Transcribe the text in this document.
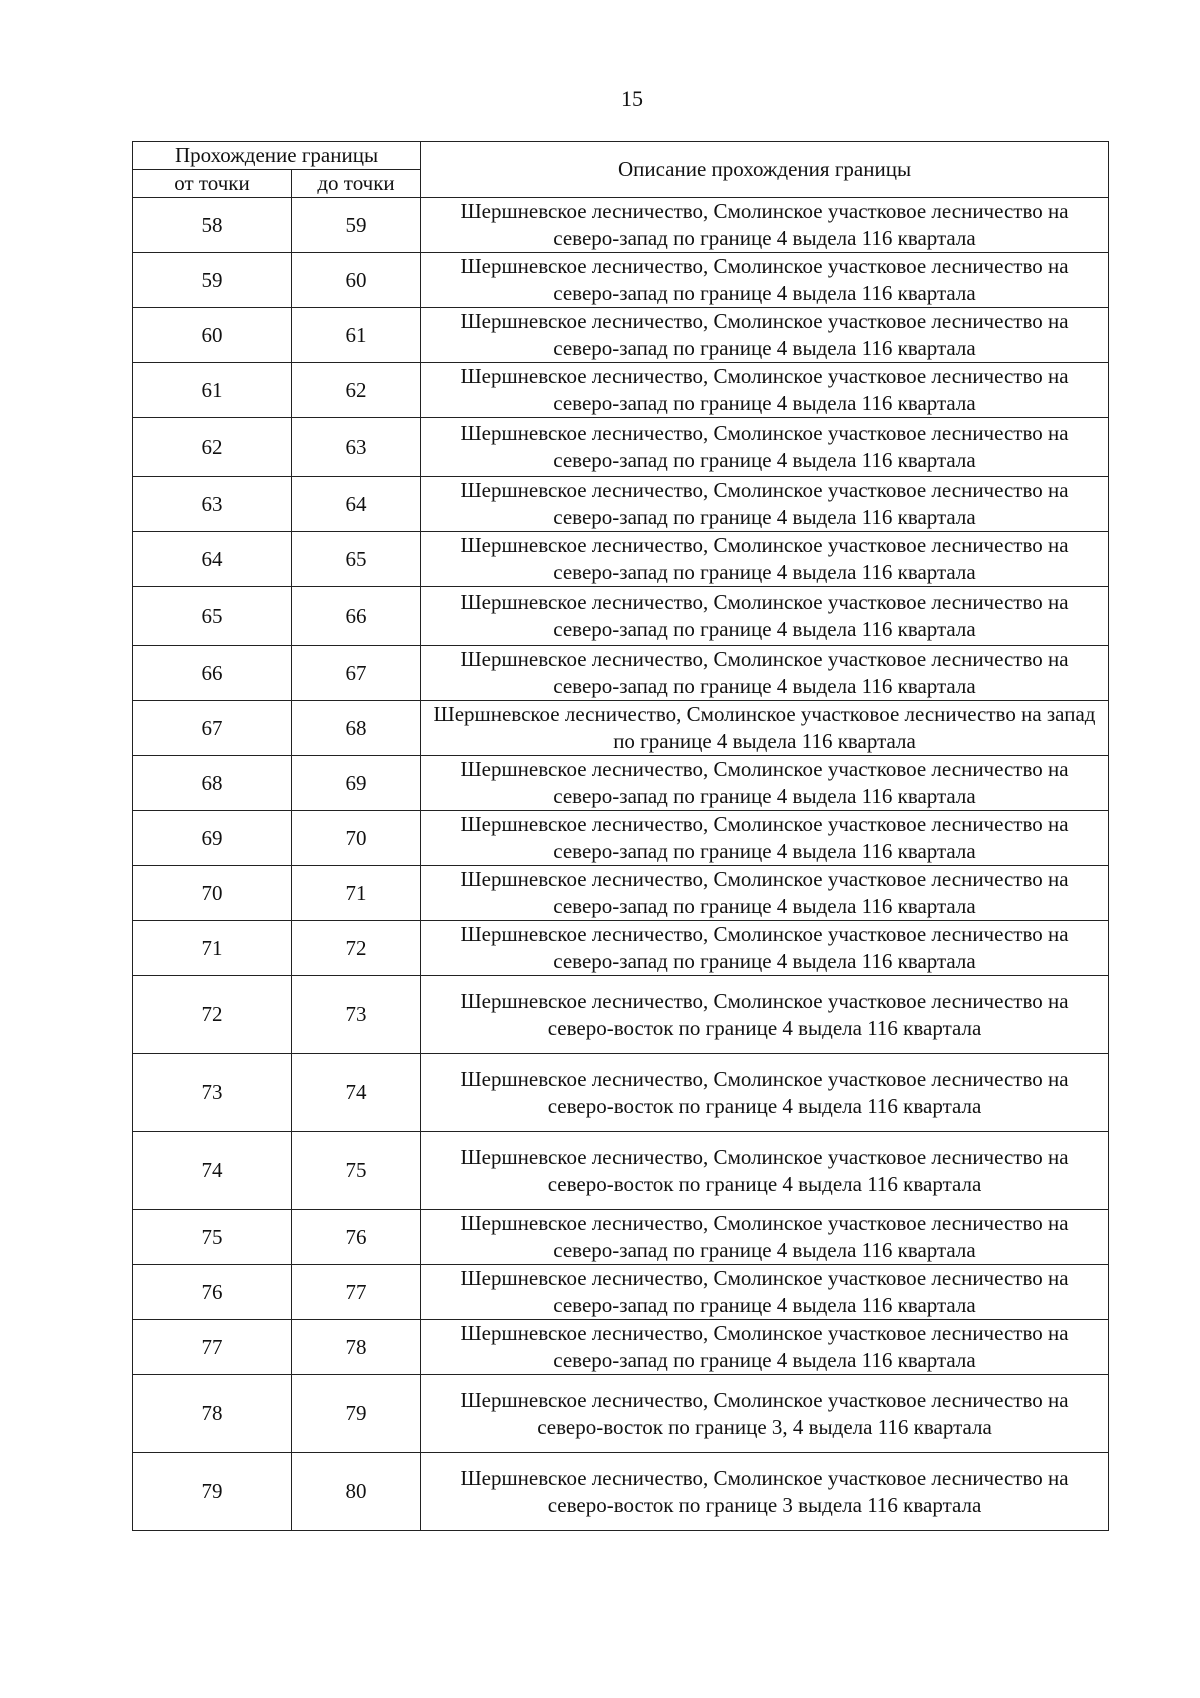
15
Прохождение границы		Описание прохождения границы
от точки	до точки	
58	59	Шершневское лесничество, Смолинское участковое лесничество на северо-запад по границе 4 выдела 116 квартала
59	60	Шершневское лесничество, Смолинское участковое лесничество на северо-запад по границе 4 выдела 116 квартала
60	61	Шершневское лесничество, Смолинское участковое лесничество на северо-запад по границе 4 выдела 116 квартала
61	62	Шершневское лесничество, Смолинское участковое лесничество на северо-запад по границе 4 выдела 116 квартала
62	63	Шершневское лесничество, Смолинское участковое лесничество на северо-запад по границе 4 выдела 116 квартала
63	64	Шершневское лесничество, Смолинское участковое лесничество на северо-запад по границе 4 выдела 116 квартала
64	65	Шершневское лесничество, Смолинское участковое лесничество на северо-запад по границе 4 выдела 116 квартала
65	66	Шершневское лесничество, Смолинское участковое лесничество на северо-запад по границе 4 выдела 116 квартала
66	67	Шершневское лесничество, Смолинское участковое лесничество на северо-запад по границе 4 выдела 116 квартала
67	68	Шершневское лесничество, Смолинское участковое лесничество на запад по границе 4 выдела 116 квартала
68	69	Шершневское лесничество, Смолинское участковое лесничество на северо-запад по границе 4 выдела 116 квартала
69	70	Шершневское лесничество, Смолинское участковое лесничество на северо-запад по границе 4 выдела 116 квартала
70	71	Шершневское лесничество, Смолинское участковое лесничество на северо-запад по границе 4 выдела 116 квартала
71	72	Шершневское лесничество, Смолинское участковое лесничество на северо-запад по границе 4 выдела 116 квартала
72	73	Шершневское лесничество, Смолинское участковое лесничество на северо-восток по границе 4 выдела 116 квартала
73	74	Шершневское лесничество, Смолинское участковое лесничество на северо-восток по границе 4 выдела 116 квартала
74	75	Шершневское лесничество, Смолинское участковое лесничество на северо-восток по границе 4 выдела 116 квартала
75	76	Шершневское лесничество, Смолинское участковое лесничество на северо-запад по границе 4 выдела 116 квартала
76	77	Шершневское лесничество, Смолинское участковое лесничество на северо-запад по границе 4 выдела 116 квартала
77	78	Шершневское лесничество, Смолинское участковое лесничество на северо-запад по границе 4 выдела 116 квартала
78	79	Шершневское лесничество, Смолинское участковое лесничество на северо-восток по границе 3, 4 выдела 116 квартала
79	80	Шершневское лесничество, Смолинское участковое лесничество на северо-восток по границе 3 выдела 116 квартала
